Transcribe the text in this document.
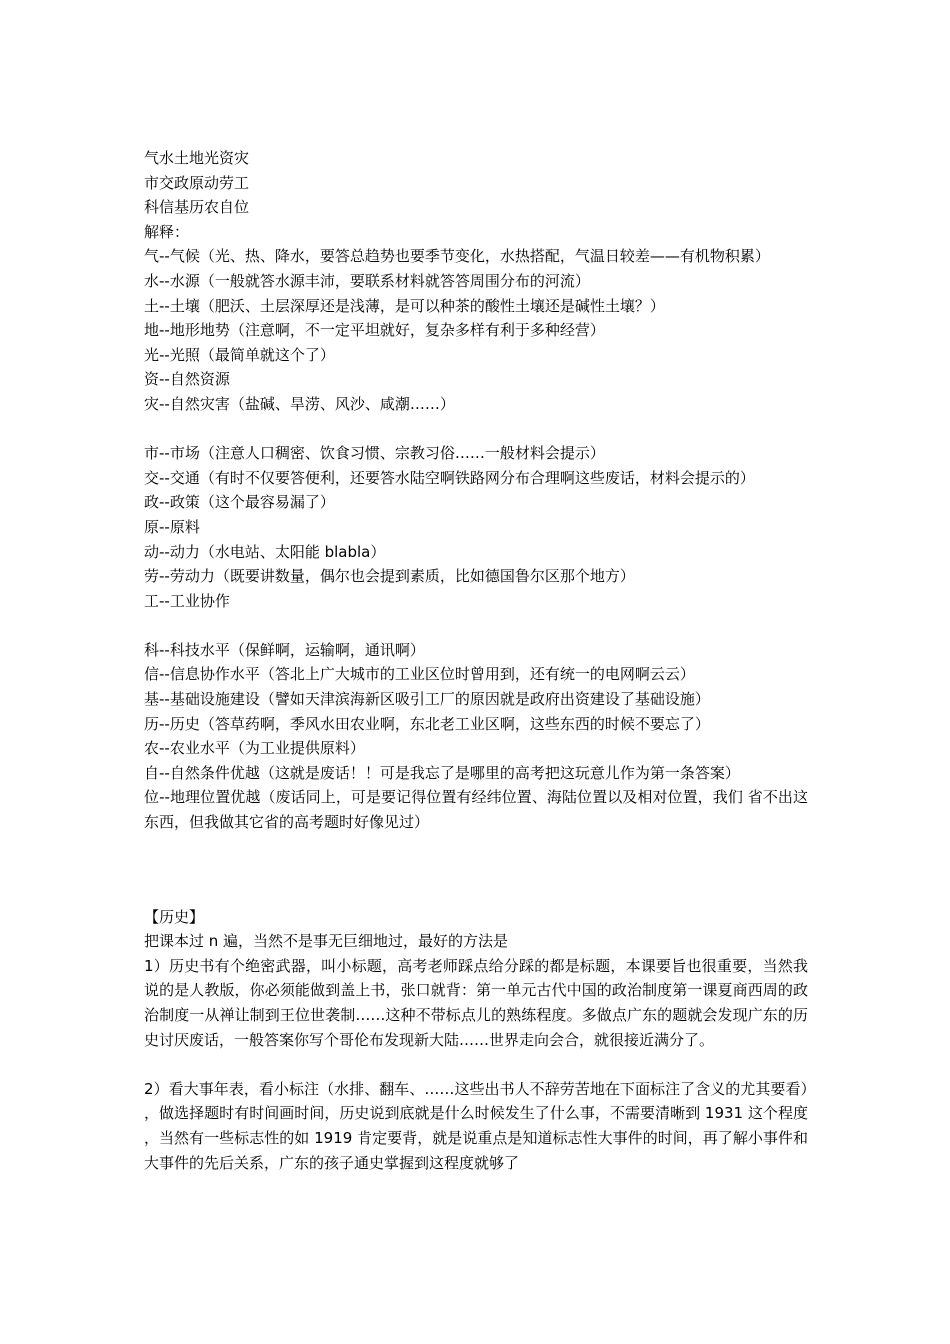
气水土地光资灾
市交政原动劳工
科信基历农自位
解释：
气--气候（光、热、降水，要答总趋势也要季节变化，水热搭配，气温日较差——有机物积累）
水--水源（一般就答水源丰沛，要联系材料就答答周围分布的河流）
土--土壤（肥沃、土层深厚还是浅薄，是可以种茶的酸性土壤还是碱性土壤？）
地--地形地势（注意啊，不一定平坦就好，复杂多样有利于多种经营）
光--光照（最简单就这个了）
资--自然资源
灾--自然灾害（盐碱、旱涝、风沙、咸潮……）
市--市场（注意人口稠密、饮食习惯、宗教习俗……一般材料会提示）
交--交通（有时不仅要答便利，还要答水陆空啊铁路网分布合理啊这些废话，材料会提示的）
政--政策（这个最容易漏了）
原--原料
动--动力（水电站、太阳能 blabla）
劳--劳动力（既要讲数量，偶尔也会提到素质，比如德国鲁尔区那个地方）
工--工业协作
科--科技水平（保鲜啊，运输啊，通讯啊）
信--信息协作水平（答北上广大城市的工业区位时曾用到，还有统一的电网啊云云）
基--基础设施建设（譬如天津滨海新区吸引工厂的原因就是政府出资建设了基础设施）
历--历史（答草药啊，季风水田农业啊，东北老工业区啊，这些东西的时候不要忘了）
农--农业水平（为工业提供原料）
自--自然条件优越（这就是废话！！可是我忘了是哪里的高考把这玩意儿作为第一条答案）
位--地理位置优越（废话同上，可是要记得位置有经纬位置、海陆位置以及相对位置，我们 省不出这东西，但我做其它省的高考题时好像见过）
【历史】
把课本过 n 遍，当然不是事无巨细地过，最好的方法是
1）历史书有个绝密武器，叫小标题，高考老师踩点给分踩的都是标题，本课要旨也很重要，当然我说的是人教版，你必须能做到盖上书，张口就背：第一单元古代中国的政治制度第一课夏商西周的政治制度一从禅让制到王位世袭制……这种不带标点儿的熟练程度。多做点广东的题就会发现广东的历史讨厌废话，一般答案你写个哥伦布发现新大陆……世界走向会合，就很接近满分了。
2）看大事年表，看小标注（水排、翻车、……这些出书人不辞劳苦地在下面标注了含义的尤其要看），做选择题时有时间画时间，历史说到底就是什么时候发生了什么事，不需要清晰到 1931 这个程度，当然有一些标志性的如 1919 肯定要背，就是说重点是知道标志性大事件的时间，再了解小事件和大事件的先后关系，广东的孩子通史掌握到这程度就够了
